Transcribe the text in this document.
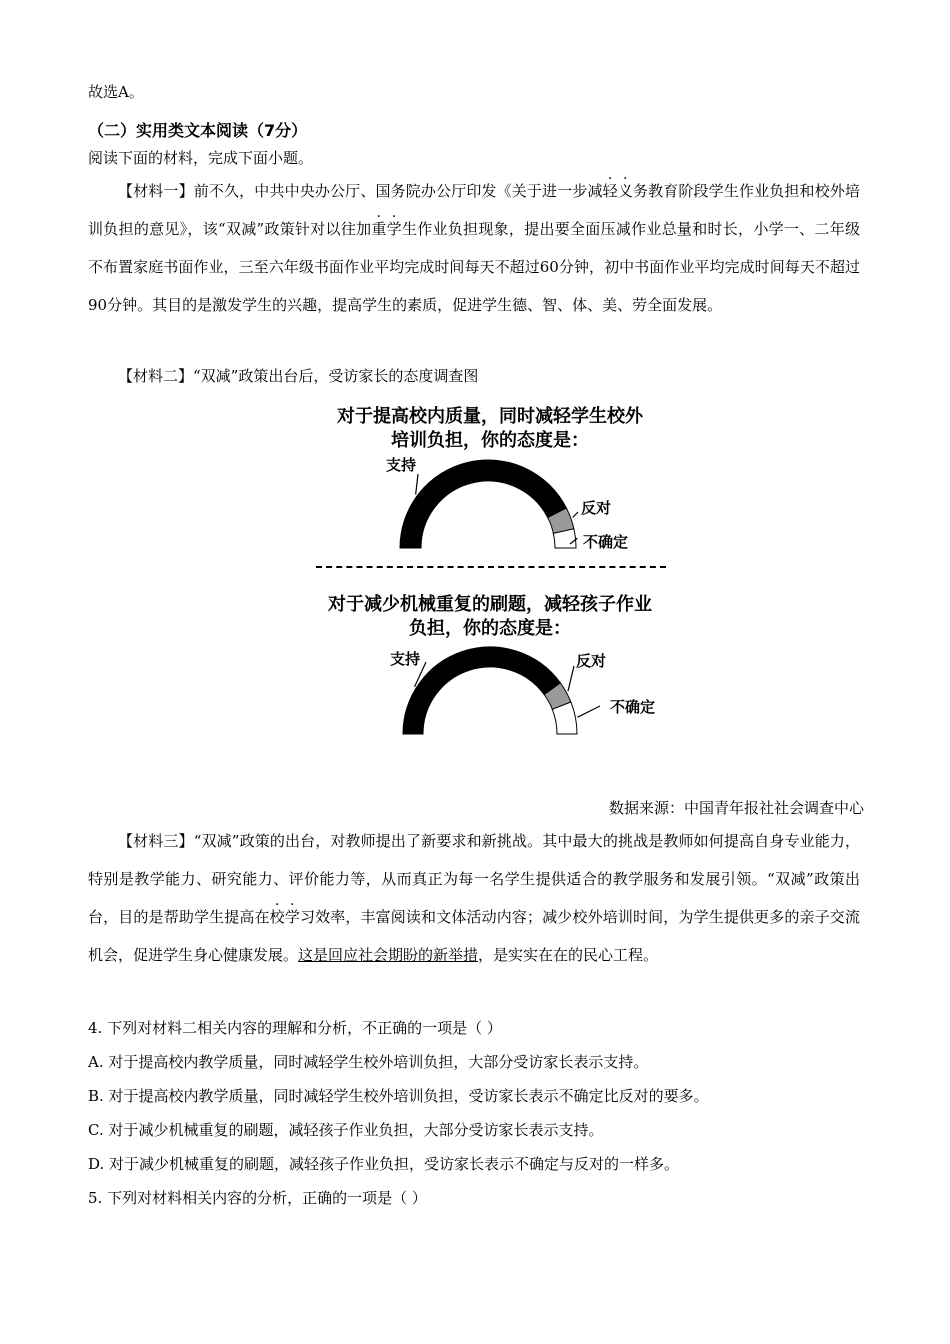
故选A。
（二）实用类文本阅读（7分）
阅读下面的材料，完成下面小题。
【材料一】前不久，中共中央办公厅、国务院办公厅印发《关于进一步减轻义务教育阶段学生作业负担和校外培训负担的意见》，该“双减”政策针对以往加重学生作业负担现象，提出要全面压减作业总量和时长，小学一、二年级不布置家庭书面作业，三至六年级书面作业平均完成时间每天不超过60分钟，初中书面作业平均完成时间每天不超过90分钟。其目的是激发学生的兴趣，提高学生的素质，促进学生德、智、体、美、劳全面发展。
【材料二】“双减”政策出台后，受访家长的态度调查图
对于提高校内质量，同时减轻学生校外
培训负担，你的态度是：
支持
反对
不确定
对于减少机械重复的刷题，减轻孩子作业
负担，你的态度是：
支持	反对
不确定
数据来源：中国青年报社社会调查中心
【材料三】“双减”政策的出台，对教师提出了新要求和新挑战。其中最大的挑战是教师如何提高自身专业能力，特别是教学能力、研究能力、评价能力等，从而真正为每一名学生提供适合的教学服务和发展引领。“双减”政策出台，目的是帮助学生提高在校学习效率，丰富阅读和文体活动内容；减少校外培训时间，为学生提供更多的亲子交流机会，促进学生身心健康发展。这是回应社会期盼的新举措，是实实在在的民心工程。
4. 下列对材料二相关内容的理解和分析，不正确的一项是（ ）
A. 对于提高校内教学质量，同时减轻学生校外培训负担，大部分受访家长表示支持。
B. 对于提高校内教学质量，同时减轻学生校外培训负担，受访家长表示不确定比反对的要多。
C. 对于减少机械重复的刷题，减轻孩子作业负担，大部分受访家长表示支持。
D. 对于减少机械重复的刷题，减轻孩子作业负担，受访家长表示不确定与反对的一样多。
5. 下列对材料相关内容的分析，正确的一项是（ ）
